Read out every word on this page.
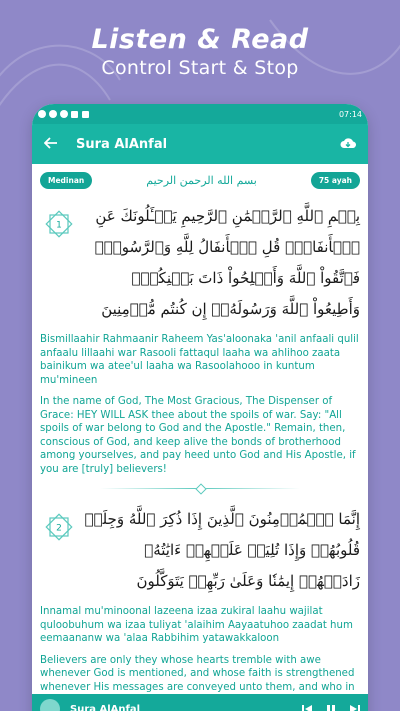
Listen & Read
Control Start & Stop
07:14
Sura AlAnfal
Medinan	بسم الله الرحمن الرحيم	75 ayah
1
بِسۡمِ ٱللَّهِ ٱلرَّحۡمَٰنِ ٱلرَّحِيمِ يَسۡـَٔلُونَكَ عَنِ ٱلۡأَنفَالِۖ قُلِ ٱلۡأَنفَالُ لِلَّهِ وَٱلرَّسُولِۖ فَٱتَّقُواْ ٱللَّهَ وَأَصۡلِحُواْ ذَاتَ بَيۡنِكُمۡۖ وَأَطِيعُواْ ٱللَّهَ وَرَسُولَهُۥٓ إِن كُنتُم مُّؤۡمِنِينَ
Bismillaahir Rahmaanir Raheem Yas'aloonaka 'anil anfaali qulil anfaalu lillaahi war Rasooli fattaqul laaha wa ahlihoo zaata bainikum wa atee'ul laaha wa Rasoolahooo in kuntum mu'mineen
In the name of God, The Most Gracious, The Dispenser of Grace: HEY WILL ASK thee about the spoils of war. Say: "All spoils of war belong to God and the Apostle." Remain, then, conscious of God, and keep alive the bonds of brotherhood among yourselves, and pay heed unto God and His Apostle, if you are [truly] believers!
2
إِنَّمَا ٱلۡمُؤۡمِنُونَ ٱلَّذِينَ إِذَا ذُكِرَ ٱللَّهُ وَجِلَتۡ قُلُوبُهُمۡ وَإِذَا تُلِيَتۡ عَلَيۡهِمۡ ءَايَٰتُهُۥ زَادَتۡهُمۡ إِيمَٰنٗا وَعَلَىٰ رَبِّهِمۡ يَتَوَكَّلُونَ
Innamal mu'minoonal lazeena izaa zukiral laahu wajilat quloobuhum wa izaa tuliyat 'alaihim Aayaatuhoo zaadat hum eemaananw wa 'alaa Rabbihim yatawakkaloon
Believers are only they whose hearts tremble with awe whenever God is mentioned, and whose faith is strengthened whenever His messages are conveyed unto them, and who in
Sura AlAnfal
